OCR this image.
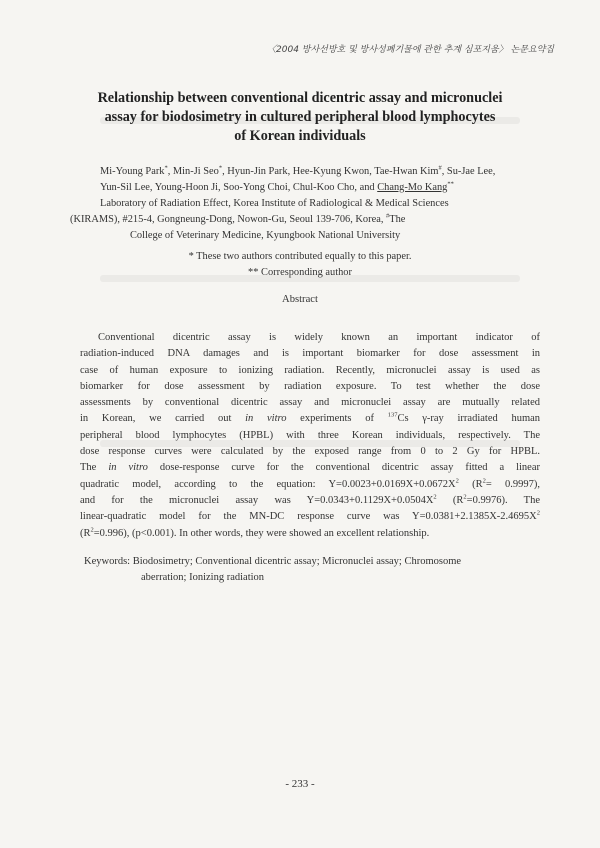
〈2004 방사선방호 및 방사성폐기물에 관한 추계 심포지움〉 논문요약집
Relationship between conventional dicentric assay and micronuclei
assay for biodosimetry in cultured peripheral blood lymphocytes
of Korean individuals
Mi-Young Park*, Min-Ji Seo*, Hyun-Jin Park, Hee-Kyung Kwon, Tae-Hwan Kim#, Su-Jae Lee,
Yun-Sil Lee, Young-Hoon Ji, Soo-Yong Choi, Chul-Koo Cho, and Chang-Mo Kang**
Laboratory of Radiation Effect, Korea Institute of Radiological & Medical Sciences
(KIRAMS), #215-4, Gongneung-Dong, Nowon-Gu, Seoul 139-706, Korea, #The
College of Veterinary Medicine, Kyungbook National University
* These two authors contributed equally to this paper.
** Corresponding author
Abstract
Conventional dicentric assay is widely known an important indicator of
radiation-induced DNA damages and is important biomarker for dose assessment in
case of human exposure to ionizing radiation. Recently, micronuclei assay is used as
biomarker for dose assessment by radiation exposure. To test whether the dose
assessments by conventional dicentric assay and micronuclei assay are mutually related
in Korean, we carried out in vitro experiments of $^{137}$Cs γ-ray irradiated human
peripheral blood lymphocytes (HPBL) with three Korean individuals, respectively. The
dose response curves were calculated by the exposed range from 0 to 2 Gy for HPBL.
The in vitro dose-response curve for the conventional dicentric assay fitted a linear
quadratic model, according to the equation: $Y=0.0023+0.0169X+0.0672X^2$ $(R^2= 0.9997)$,
and for the micronuclei assay was $Y=0.0343+0.1129X+0.0504X^2$ $(R^2=0.9976)$. The
linear-quadratic model for the MN-DC response curve was $Y=0.0381+2.1385X-2.4695X^2$
$(R^2=0.996)$, (p<0.001). In other words, they were showed an excellent relationship.
Keywords: Biodosimetry; Conventional dicentric assay; Micronuclei assay; Chromosome
aberration; Ionizing radiation
- 233 -
